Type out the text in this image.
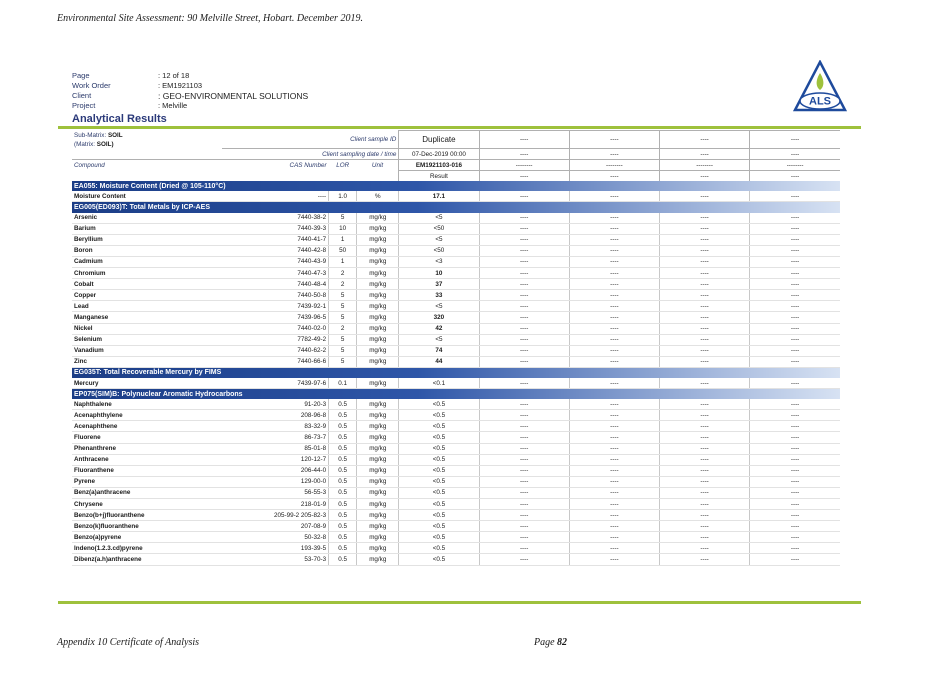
Environmental Site Assessment: 90 Melville Street, Hobart. December 2019.
Page	: 12 of 18
Work Order	: EM1921103
Client	: GEO-ENVIRONMENTAL SOLUTIONS
Project	: Melville	ALS
Analytical Results
Sub-Matrix: SOIL
(Matrix: SOIL)	Client sample ID			Duplicate	----	----	----	----
	Client sampling date / time			07-Dec-2019 00:00	----	----	----	----
Compound	CAS Number	LOR	Unit	EM1921103-016	--------	--------	--------	--------
				Result	----	----	----	----
EA055: Moisture Content (Dried @ 105-110°C)								
Moisture Content	----	1.0	%	17.1	----	----	----	----
EG005(ED093)T: Total Metals by ICP-AES								
Arsenic	7440-38-2	5	mg/kg	<5	----	----	----	----
Barium	7440-39-3	10	mg/kg	<50	----	----	----	----
Beryllium	7440-41-7	1	mg/kg	<5	----	----	----	----
Boron	7440-42-8	50	mg/kg	<50	----	----	----	----
Cadmium	7440-43-9	1	mg/kg	<3	----	----	----	----
Chromium	7440-47-3	2	mg/kg	10	----	----	----	----
Cobalt	7440-48-4	2	mg/kg	37	----	----	----	----
Copper	7440-50-8	5	mg/kg	33	----	----	----	----
Lead	7439-92-1	5	mg/kg	<5	----	----	----	----
Manganese	7439-96-5	5	mg/kg	320	----	----	----	----
Nickel	7440-02-0	2	mg/kg	42	----	----	----	----
Selenium	7782-49-2	5	mg/kg	<5	----	----	----	----
Vanadium	7440-62-2	5	mg/kg	74	----	----	----	----
Zinc	7440-66-6	5	mg/kg	44	----	----	----	----
EG035T: Total Recoverable Mercury by FIMS								
Mercury	7439-97-6	0.1	mg/kg	<0.1	----	----	----	----
EP075(SIM)B: Polynuclear Aromatic Hydrocarbons								
Naphthalene	91-20-3	0.5	mg/kg	<0.5	----	----	----	----
Acenaphthylene	208-96-8	0.5	mg/kg	<0.5	----	----	----	----
Acenaphthene	83-32-9	0.5	mg/kg	<0.5	----	----	----	----
Fluorene	86-73-7	0.5	mg/kg	<0.5	----	----	----	----
Phenanthrene	85-01-8	0.5	mg/kg	<0.5	----	----	----	----
Anthracene	120-12-7	0.5	mg/kg	<0.5	----	----	----	----
Fluoranthene	206-44-0	0.5	mg/kg	<0.5	----	----	----	----
Pyrene	129-00-0	0.5	mg/kg	<0.5	----	----	----	----
Benz(a)anthracene	56-55-3	0.5	mg/kg	<0.5	----	----	----	----
Chrysene	218-01-9	0.5	mg/kg	<0.5	----	----	----	----
Benzo(b+j)fluoranthene	205-99-2 205-82-3	0.5	mg/kg	<0.5	----	----	----	----
Benzo(k)fluoranthene	207-08-9	0.5	mg/kg	<0.5	----	----	----	----
Benzo(a)pyrene	50-32-8	0.5	mg/kg	<0.5	----	----	----	----
Indeno(1.2.3.cd)pyrene	193-39-5	0.5	mg/kg	<0.5	----	----	----	----
Dibenz(a.h)anthracene	53-70-3	0.5	mg/kg	<0.5	----	----	----	----
Appendix 10 Certificate of Analysis	Page 82
